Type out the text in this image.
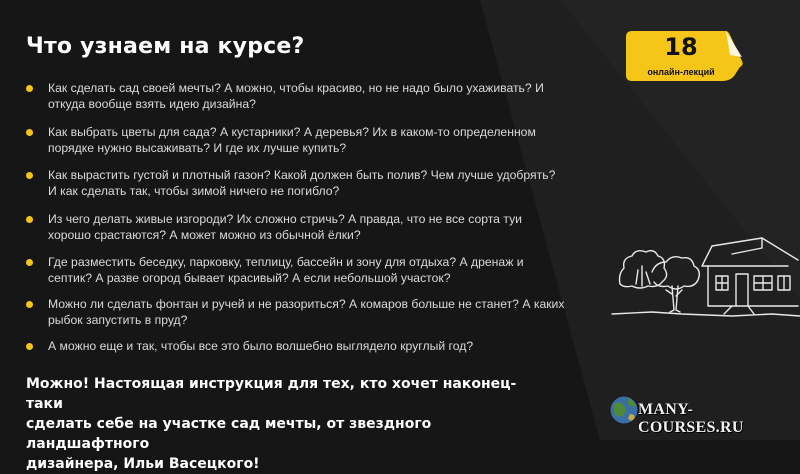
Что узнаем на курсе?	18
онлайн-лекций
Как сделать сад своей мечты? А можно, чтобы красиво, но не надо было ухаживать? И
откуда вообще взять идею дизайна?
Как выбрать цветы для сада? А кустарники? А деревья? Их в каком-то определенном
порядке нужно высаживать? И где их лучше купить?
Как вырастить густой и плотный газон? Какой должен быть полив? Чем лучше удобрять?
И как сделать так, чтобы зимой ничего не погибло?
Из чего делать живые изгороди? Их сложно стричь? А правда, что не все сорта туи
хорошо срастаются? А может можно из обычной ёлки?
Где разместить беседку, парковку, теплицу, бассейн и зону для отдыха? А дренаж и
септик? А разве огород бывает красивый? А если небольшой участок?
Можно ли сделать фонтан и ручей и не разориться? А комаров больше не станет? А каких
рыбок запустить в пруд?
А можно еще и так, чтобы все это было волшебно выглядело круглый год?
Можно! Настоящая инструкция для тех, кто хочет наконец-таки
сделать себе на участке сад мечты, от звездного ландшафтного
дизайнера, Ильи Васецкого!
MANY-COURSES.RU
